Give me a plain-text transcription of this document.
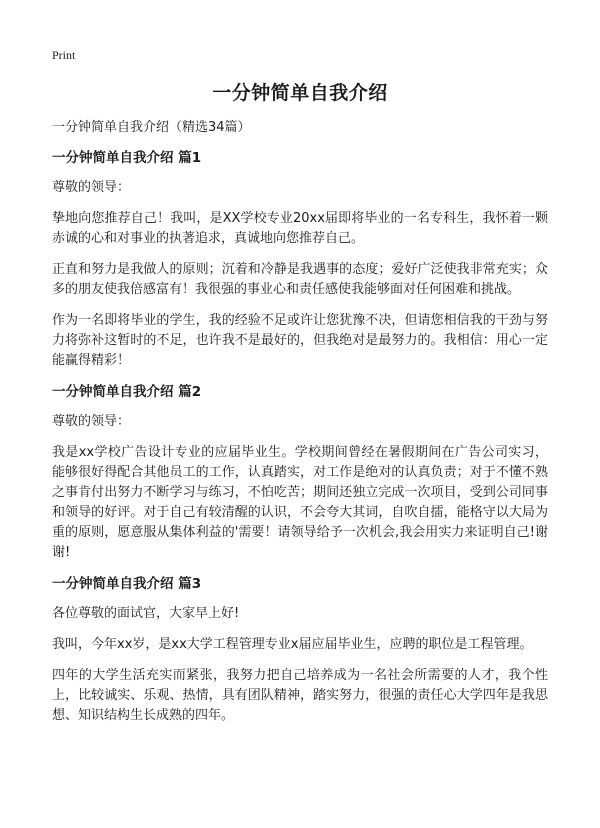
Print
一分钟简单自我介绍

一分钟简单自我介绍（精选34篇）

一分钟简单自我介绍 篇1

尊敬的领导：

挚地向您推荐自己！我叫，是XX学校专业20xx届即将毕业的一名专科生，我怀着一颗赤诚的心和对事业的执著追求，真诚地向您推荐自己。

正直和努力是我做人的原则；沉着和冷静是我遇事的态度；爱好广泛使我非常充实；众多的朋友使我倍感富有！我很强的事业心和责任感使我能够面对任何困难和挑战。

作为一名即将毕业的学生，我的经验不足或许让您犹豫不决，但请您相信我的干劲与努力将弥补这暂时的不足，也许我不是最好的，但我绝对是最努力的。我相信：用心一定能赢得精彩！

一分钟简单自我介绍 篇2

尊敬的领导：

我是xx学校广告设计专业的应届毕业生。学校期间曾经在暑假期间在广告公司实习，能够很好得配合其他员工的工作，认真踏实，对工作是绝对的认真负责；对于不懂不熟之事肯付出努力不断学习与练习，不怕吃苦；期间还独立完成一次项目，受到公司同事和领导的好评。对于自己有较清醒的认识，不会夸大其词，自吹自擂，能格守以大局为重的原则，愿意服从集体利益的'需要！请领导给予一次机会,我会用实力来证明自己!谢谢!

一分钟简单自我介绍 篇3

各位尊敬的面试官，大家早上好!

我叫，今年xx岁，是xx大学工程管理专业x届应届毕业生，应聘的职位是工程管理。

四年的大学生活充实而紧张，我努力把自己培养成为一名社会所需要的人才，我个性上，比较诚实、乐观、热情，具有团队精神，踏实努力，很强的责任心大学四年是我思想、知识结构生长成熟的四年。
